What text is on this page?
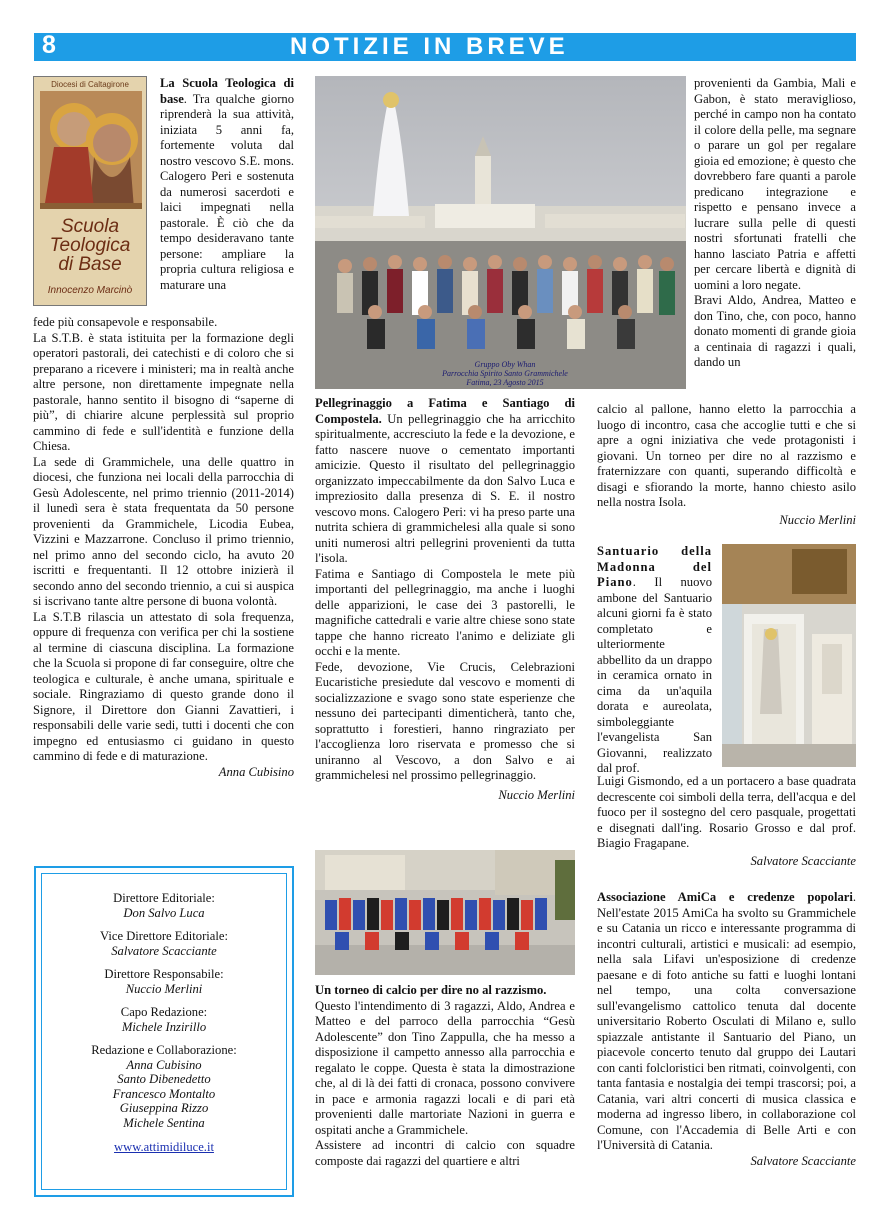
8	NOTIZIE IN BREVE
Diocesi di Caltagirone
Scuola
Teologica
di Base
Innocenzo Marcinò

La Scuola Teologica di base. Tra qualche giorno riprenderà la sua attività, iniziata 5 anni fa, fortemente voluta dal nostro vescovo S.E. mons. Calogero Peri e sostenuta da numerosi sacerdoti e laici impegnati nella pastorale. È ciò che da tempo desideravano tante persone: ampliare la propria cultura religiosa e maturare una

fede più consapevole e responsabile.

La S.T.B. è stata istituita per la formazione degli operatori pastorali, dei catechisti e di coloro che si preparano a ricevere i ministeri; ma in realtà anche altre persone, non direttamente impegnate nella pastorale, hanno sentito il bisogno di “saperne di più”, di chiarire alcune perplessità sul proprio cammino di fede e sull'identità e funzione della Chiesa.

La sede di Grammichele, una delle quattro in diocesi, che funziona nei locali della parrocchia di Gesù Adolescente, nel primo triennio (2011-2014) il lunedì sera è stata frequentata da 50 persone provenienti da Grammichele, Licodia Eubea, Vizzini e Mazzarrone. Concluso il primo triennio, nel primo anno del secondo ciclo, ha avuto 20 iscritti e frequentanti. Il 12 ottobre inizierà il secondo anno del secondo triennio, a cui si auspica si iscrivano tante altre persone di buona volontà.

La S.T.B rilascia un attestato di sola frequenza, oppure di frequenza con verifica per chi la sostiene al termine di ciascuna disciplina. La formazione che la Scuola si propone di far conseguire, oltre che teologica e culturale, è anche umana, spirituale e sociale. Ringraziamo di questo grande dono il Signore, il Direttore don Gianni Zavattieri, i responsabili delle varie sedi, tutti i docenti che con impegno ed entusiasmo ci guidano in questo cammino di fede e di maturazione.

Anna Cubisino

Direttore Editoriale:
Don Salvo Luca
Vice Direttore Editoriale:
Salvatore Scacciante
Direttore Responsabile:
Nuccio Merlini
Capo Redazione:
Michele Inzirillo
Redazione e Collaborazione:
Anna Cubisino
Santo Dibenedetto
Francesco Montalto
Giuseppina Rizzo
Michele Sentina
www.attimidiluce.it
Gruppo Oby Whan
Parrocchia Spirito Santo Grammichele
Fatima, 23 Agosto 2015

Pellegrinaggio a Fatima e Santiago di Compostela. Un pellegrinaggio che ha arricchito spiritualmente, accresciuto la fede e la devozione, e fatto nascere nuove o cementato importanti amicizie. Questo il risultato del pellegrinaggio organizzato impeccabilmente da don Salvo Luca e impreziosito dalla presenza di S. E. il nostro vescovo mons. Calogero Peri: vi ha preso parte una nutrita schiera di grammichelesi alla quale si sono uniti numerosi altri pellegrini provenienti da tutta l'isola.

Fatima e Santiago di Compostela le mete più importanti del pellegrinaggio, ma anche i luoghi delle apparizioni, le case dei 3 pastorelli, le magnifiche cattedrali e varie altre chiese sono state tappe che hanno ricreato l'animo e deliziate gli occhi e la mente.

Fede, devozione, Vie Crucis, Celebrazioni Eucaristiche presiedute dal vescovo e momenti di socializzazione e svago sono state esperienze che nessuno dei partecipanti dimenticherà, tanto che, soprattutto i forestieri, hanno ringraziato per l'accoglienza loro riservata e promesso che si uniranno al Vescovo, a don Salvo e ai grammichelesi nel prossimo pellegrinaggio.

Nuccio Merlini

Un torneo di calcio per dire no al razzismo.

Questo l'intendimento di 3 ragazzi, Aldo, Andrea e Matteo e del parroco della parrocchia “Gesù Adolescente” don Tino Zappulla, che ha messo a disposizione il campetto annesso alla parrocchia e regalato le coppe. Questa è stata la dimostrazione che, al di là dei fatti di cronaca, possono convivere in pace e armonia ragazzi locali e di pari età provenienti dalle martoriate Nazioni in guerra e ospitati anche a Grammichele.

Assistere ad incontri di calcio con squadre composte dai ragazzi del quartiere e altri

provenienti da Gambia, Mali e Gabon, è stato meraviglioso, perché in campo non ha contato il colore della pelle, ma segnare o parare un gol per regalare gioia ed emozione; è questo che dovrebbero fare quanti a parole predicano integrazione e rispetto e pensano invece a lucrare sulla pelle di questi nostri sfortunati fratelli che hanno lasciato Patria e affetti per cercare libertà e dignità di uomini a loro negate.

Bravi Aldo, Andrea, Matteo e don Tino, che, con poco, hanno donato momenti di grande gioia a centinaia di ragazzi i quali, dando un

calcio al pallone, hanno eletto la parrocchia a luogo di incontro, casa che accoglie tutti e che si apre a ogni iniziativa che vede protagonisti i giovani. Un torneo per dire no al razzismo e fraternizzare con quanti, superando difficoltà e disagi e sfiorando la morte, hanno chiesto asilo nella nostra Isola.

Nuccio Merlini

Santuario della Madonna del Piano. Il nuovo ambone del Santuario alcuni giorni fa è stato completato e ulteriormente abbellito da un drappo in ceramica ornato in cima da un'aquila dorata e aureolata, simboleggiante l'evangelista San Giovanni, realizzato dal prof.

Luigi Gismondo, ed a un portacero a base quadrata decrescente coi simboli della terra, dell'acqua e del fuoco per il sostegno del cero pasquale, progettati e disegnati dall'ing. Rosario Grosso e dal prof. Biagio Fragapane.

Salvatore Scacciante

Associazione AmiCa e credenze popolari. Nell'estate 2015 AmiCa ha svolto su Grammichele e su Catania un ricco e interessante programma di incontri culturali, artistici e musicali: ad esempio, nella sala Lifavi un'esposizione di credenze paesane e di foto antiche su fatti e luoghi lontani nel tempo, una colta conversazione sull'evangelismo cattolico tenuta dal docente universitario Roberto Osculati di Milano e, sullo spiazzale antistante il Santuario del Piano, un piacevole concerto tenuto dal gruppo dei Lautari con canti folcloristici ben ritmati, coinvolgenti, con tanta fantasia e nostalgia dei tempi trascorsi; poi, a Catania, vari altri concerti di musica classica e moderna ad ingresso libero, in collaborazione col Comune, con l'Accademia di Belle Arti e con l'Università di Catania.

Salvatore Scacciante
